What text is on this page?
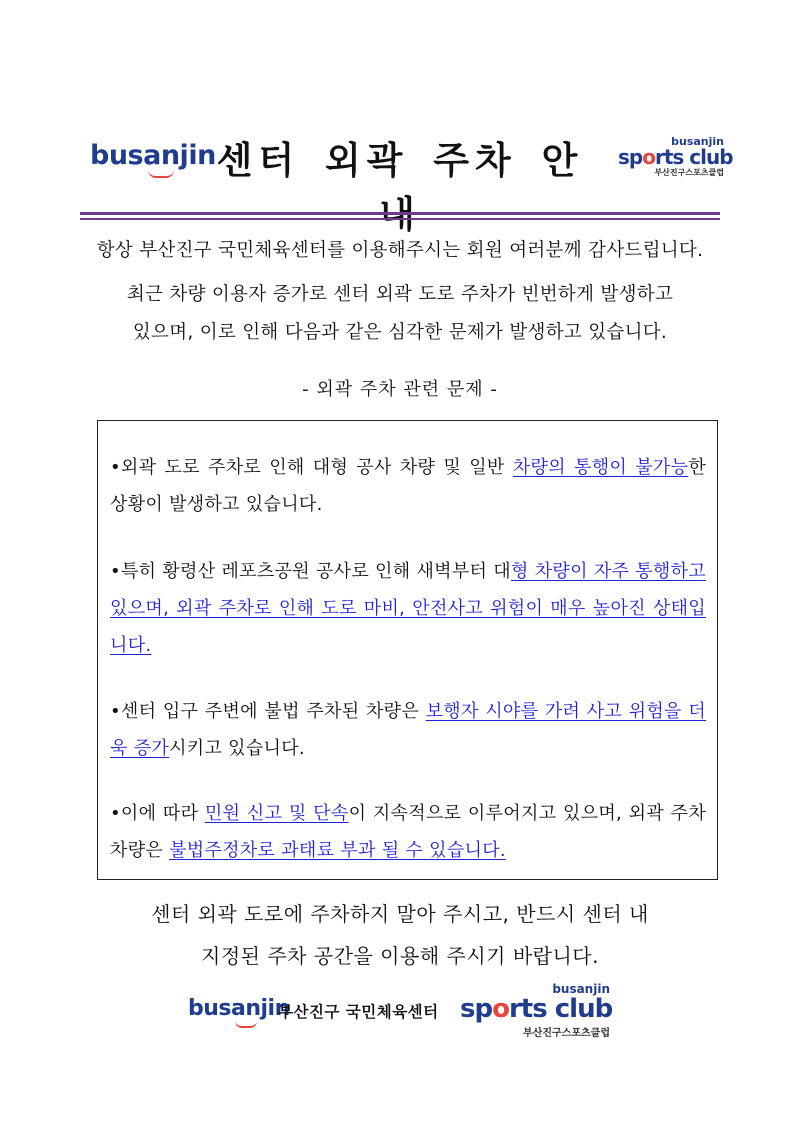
busanjin 센터 외곽 주차 안	busanjin
sports club
부산진구스포츠클럽
항상 부산진구 국민체육센터를 이용해주시는 회원 여러분께 감사드립니다.
최근 차량 이용자 증가로 센터 외곽 도로 주차가 빈번하게 발생하고
있으며, 이로 인해 다음과 같은 심각한 문제가 발생하고 있습니다.
- 외곽 주차 관련 문제 -
•외곽 도로 주차로 인해 대형 공사 차량 및 일반 차량의 통행이 불가능한 상황이 발생하고 있습니다.
•특히 황령산 레포츠공원 공사로 인해 새벽부터 대형 차량이 자주 통행하고 있으며, 외곽 주차로 인해 도로 마비, 안전사고 위험이 매우 높아진 상태입니다.
•센터 입구 주변에 불법 주차된 차량은 보행자 시야를 가려 사고 위험을 더욱 증가시키고 있습니다.
•이에 따라 민원 신고 및 단속이 지속적으로 이루어지고 있으며, 외곽 주차 차량은 불법주정차로 과태료 부과 될 수 있습니다.
센터 외곽 도로에 주차하지 말아 주시고, 반드시 센터 내
지정된 주차 공간을 이용해 주시기 바랍니다.
busanjin
부산진구 국민체육센터
busanjin
sports club
부산진구스포츠클럽
